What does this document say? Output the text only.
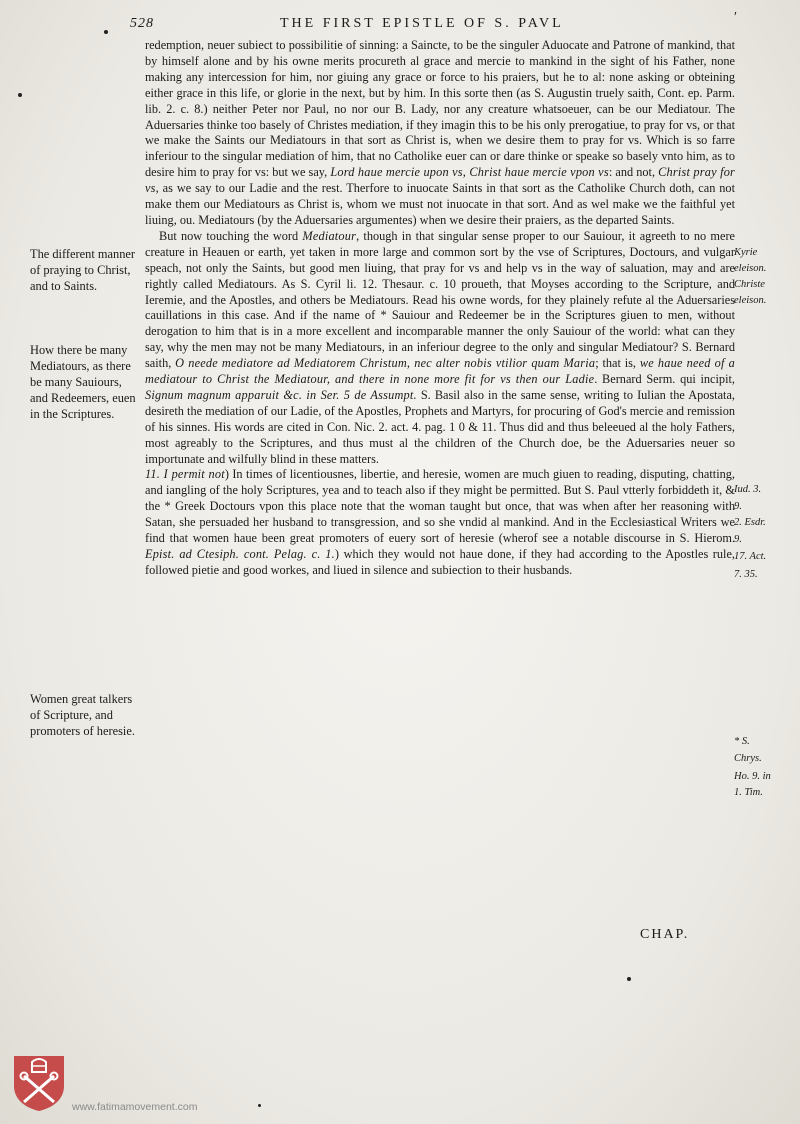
528	THE FIRST EPISTLE OF S. PAVL	′

redemption, neuer subiect to possibilitie of sinning: a Saincte, to be the singuler Aduocate and Patrone of mankind, that by himself alone and by his owne merits procureth al grace and mercie to mankind in the sight of his Father, none making any intercession for him, nor giuing any grace or force to his praiers, but he to al: none asking or obteining either grace in this life, or glorie in the next, but by him. In this sorte then (as S. Augustin truely saith, Cont. ep. Parm. lib. 2. c. 8.) neither Peter nor Paul, no nor our B. Lady, nor any creature whatsoeuer, can be our Mediatour. The Aduersaries thinke too basely of Christes mediation, if they imagin this to be his only prerogatiue, to pray for vs, or that we make the Saints our Mediatours in that sort as Christ is, when we desire them to pray for vs. Which is so farre inferiour to the singular mediation of him, that no Catholike euer can or dare thinke or speake so basely vnto him, as to desire him to pray for vs: but we say, Lord haue mercie upon vs, Christ haue mercie vpon vs: and not, Christ pray for vs, as we say to our Ladie and the rest. Therfore to inuocate Saints in that sort as the Catholike Church doth, can not make them our Mediatours as Christ is, whom we must not inuocate in that sort. And as wel make we the faithful yet liuing, ou. Mediatours (by the Aduersaries argumentes) when we desire their praiers, as the departed Saints.

But now touching the word Mediatour, though in that singular sense proper to our Sauiour, it agreeth to no mere creature in Heauen or earth, yet taken in more large and common sort by the vse of Scriptures, Doctours, and vulgar speach, not only the Saints, but good men liuing, that pray for vs and help vs in the way of saluation, may and are rightly called Mediatours. As S. Cyril li. 12. Thesaur. c. 10 proueth, that Moyses according to the Scripture, and Ieremie, and the Apostles, and others be Mediatours. Read his owne words, for they plainely refute al the Aduersaries cauillations in this case. And if the name of * Sauiour and Redeemer be in the Scriptures giuen to men, without derogation to him that is in a more excellent and incomparable manner the only Sauiour of the world: what can they say, why the men may not be many Mediatours, in an inferiour degree to the only and singular Mediatour? S. Bernard saith, O neede mediatore ad Mediatorem Christum, nec alter nobis vtilior quam Maria; that is, we haue need of a mediatour to Christ the Mediatour, and there in none more fit for vs then our Ladie. Bernard Serm. qui incipit, Signum magnum apparuit &c. in Ser. 5 de Assumpt. S. Basil also in the same sense, writing to Iulian the Apostata, desireth the mediation of our Ladie, of the Apostles, Prophets and Martyrs, for procuring of God's mercie and remission of his sinnes. His words are cited in Con. Nic. 2. act. 4. pag. 1 0 & 11. Thus did and thus beleeued al the holy Fathers, most agreably to the Scriptures, and thus must al the children of the Church doe, be the Aduersaries neuer so importunate and wilfully blind in these matters.

11. I permit not) In times of licentiousnes, libertie, and heresie, women are much giuen to reading, disputing, chatting, and iangling of the holy Scriptures, yea and to teach also if they might be permitted. But S. Paul vtterly forbiddeth it, & the * Greek Doctours vpon this place note that the woman taught but once, that was when after her reasoning with Satan, she persuaded her husband to transgression, and so she vndid al mankind. And in the Ecclesiastical Writers we find that women haue been great promoters of euery sort of heresie (wherof see a notable discourse in S. Hierom. Epist. ad Ctesiph. cont. Pelag. c. 1.) which they would not haue done, if they had according to the Apostles rule, followed pietie and good workes, and liued in silence and subiection to their husbands.

The different manner of praying to Christ, and to Saints.
How there be many Mediatours, as there be many Sauiours, and Redeemers, euen in the Scriptures.
Women great talkers of Scripture, and promoters of heresie.
Kyrie
eleison.
Christe
eleison.
Iud. 3.
9.
2. Esdr.
9.
17. Act.
7. 35.
* S.
Chrys.
Ho. 9. in
1. Tim.
CHAP.
www.fatimamovement.com
